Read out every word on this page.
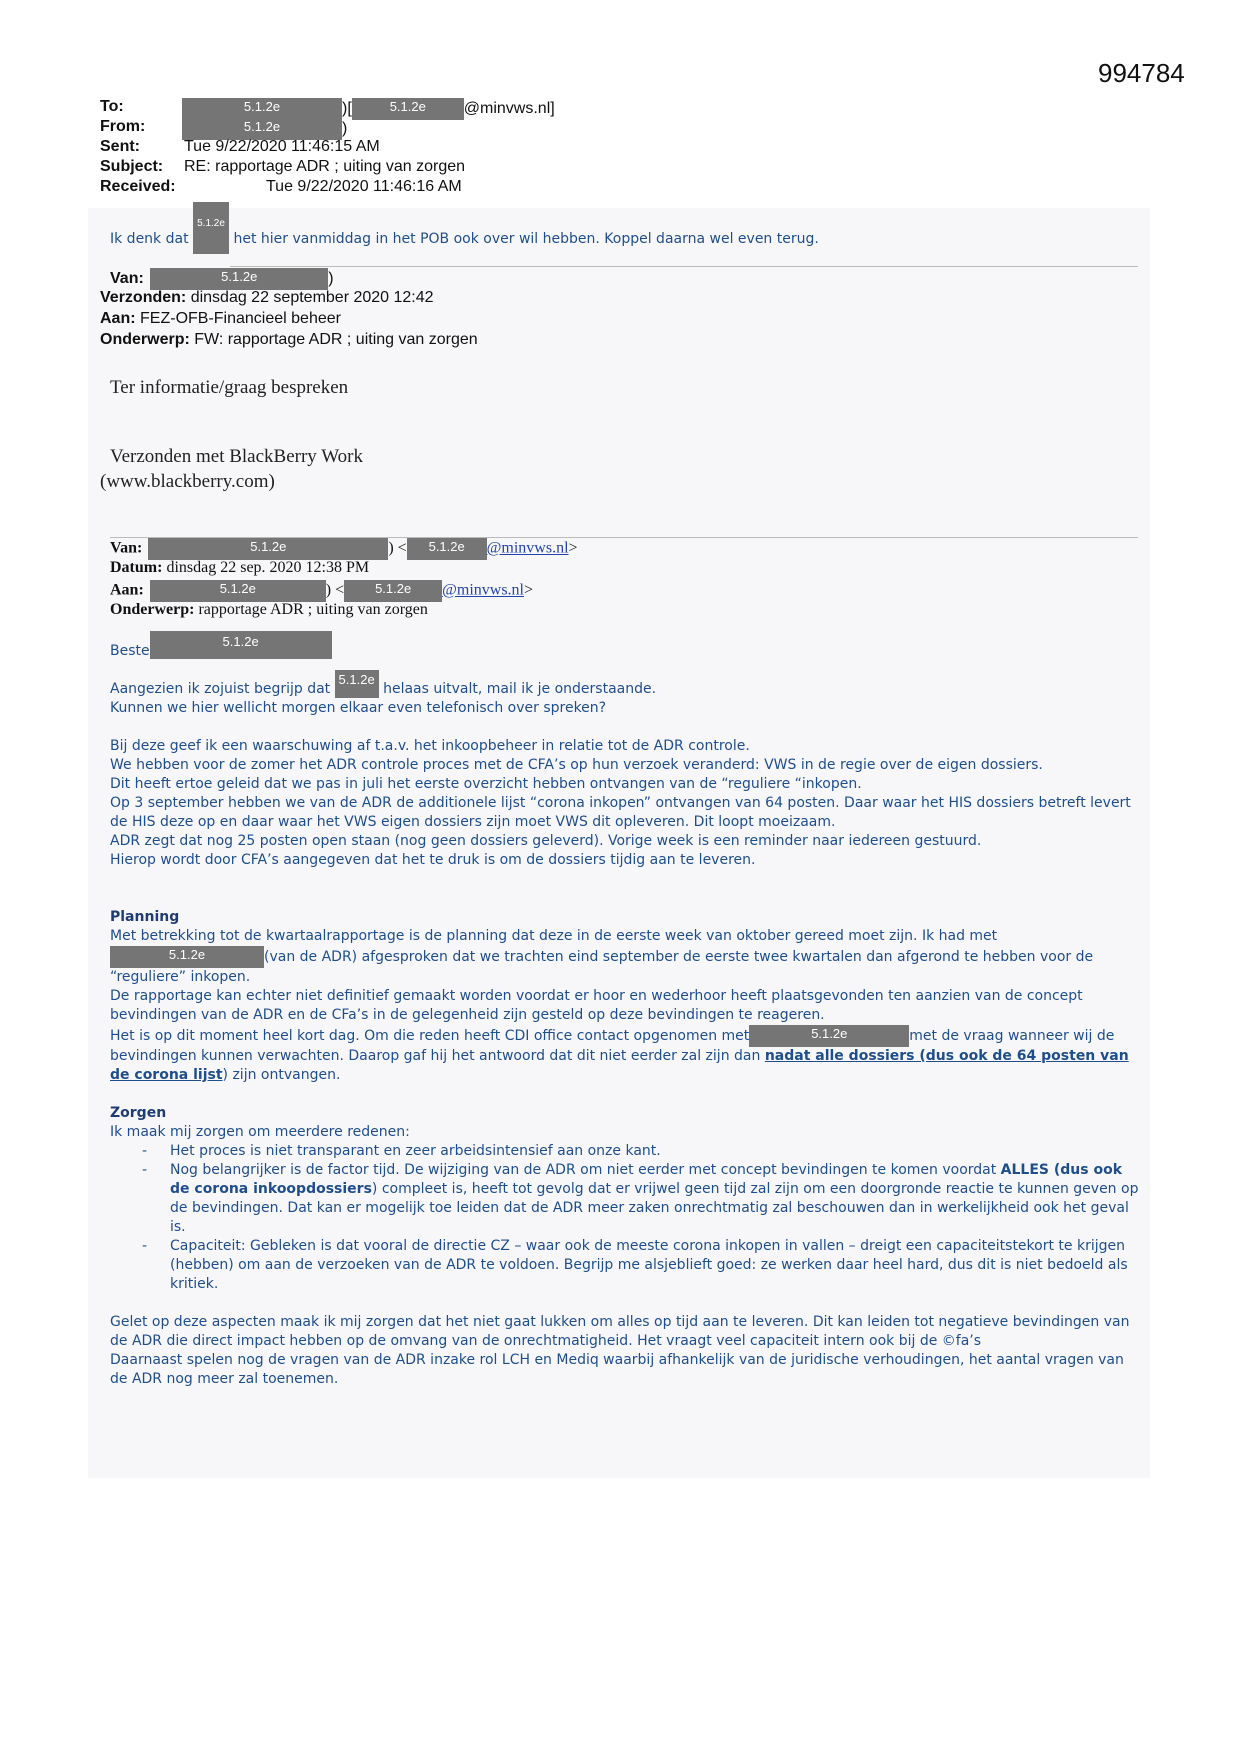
994784
To:	5.1.2e	)[	5.1.2e @minvws.nl]
From:	5.1.2e	)
Sent:	Tue 9/22/2020 11:46:15 AM
Subject: RE: rapportage ADR ; uiting van zorgen
Received:	Tue 9/22/2020 11:46:16 AM
Ik denk dat 5.1.2e het hier vanmiddag in het POB ook over wil hebben. Koppel daarna wel even terug.
Van:	5.1.2e	)
Verzonden: dinsdag 22 september 2020 12:42
Aan: FEZ-OFB-Financieel beheer
Onderwerp: FW: rapportage ADR ; uiting van zorgen
Ter informatie/graag bespreken
Verzonden met BlackBerry Work
(www.blackberry.com)
Van:	5.1.2e	) < 5.1.2e @minvws.nl>
Datum: dinsdag 22 sep. 2020 12:38 PM
Aan:	5.1.2e	) < 5.1.2e @minvws.nl>
Onderwerp: rapportage ADR ; uiting van zorgen

Beste5.1.2e

Aangezien ik zojuist begrijp dat 5.1.2e helaas uitvalt, mail ik je onderstaande.

Kunnen we hier wellicht morgen elkaar even telefonisch over spreken?

Bij deze geef ik een waarschuwing af t.a.v. het inkoopbeheer in relatie tot de ADR controle.

We hebben voor de zomer het ADR controle proces met de CFA’s op hun verzoek veranderd: VWS in de regie over de eigen dossiers.

Dit heeft ertoe geleid dat we pas in juli het eerste overzicht hebben ontvangen van de “reguliere “inkopen.

Op 3 september hebben we van de ADR de additionele lijst “corona inkopen” ontvangen van 64 posten. Daar waar het HIS dossiers betreft levert de HIS deze op en daar waar het VWS eigen dossiers zijn moet VWS dit opleveren. Dit loopt moeizaam.

ADR zegt dat nog 25 posten open staan (nog geen dossiers geleverd). Vorige week is een reminder naar iedereen gestuurd.

Hierop wordt door CFA’s aangegeven dat het te druk is om de dossiers tijdig aan te leveren.

Planning

Met betrekking tot de kwartaalrapportage is de planning dat deze in de eerste week van oktober gereed moet zijn. Ik had met

5.1.2e	(van de ADR) afgesproken dat we trachten eind september de eerste twee kwartalen dan afgerond te hebben voor de “reguliere” inkopen.

De rapportage kan echter niet definitief gemaakt worden voordat er hoor en wederhoor heeft plaatsgevonden ten aanzien van de concept bevindingen van de ADR en de CFa’s in de gelegenheid zijn gesteld op deze bevindingen te reageren.

Het is op dit moment heel kort dag. Om die reden heeft CDI office contact opgenomen met	5.1.2e	met de vraag wanneer wij de bevindingen kunnen verwachten. Daarop gaf hij het antwoord dat dit niet eerder zal zijn dan nadat alle dossiers (dus ook de 64 posten van de corona lijst) zijn ontvangen.

Zorgen

Ik maak mij zorgen om meerdere redenen:

- Het proces is niet transparant en zeer arbeidsintensief aan onze kant.
- Nog belangrijker is de factor tijd. De wijziging van de ADR om niet eerder met concept bevindingen te komen voordat ALLES (dus ook de corona inkoopdossiers) compleet is, heeft tot gevolg dat er vrijwel geen tijd zal zijn om een doorgronde reactie te kunnen geven op de bevindingen. Dat kan er mogelijk toe leiden dat de ADR meer zaken onrechtmatig zal beschouwen dan in werkelijkheid ook het geval is.
- Capaciteit: Gebleken is dat vooral de directie CZ – waar ook de meeste corona inkopen in vallen – dreigt een capaciteitstekort te krijgen (hebben) om aan de verzoeken van de ADR te voldoen. Begrijp me alsjeblieft goed: ze werken daar heel hard, dus dit is niet bedoeld als kritiek.

Gelet op deze aspecten maak ik mij zorgen dat het niet gaat lukken om alles op tijd aan te leveren. Dit kan leiden tot negatieve bevindingen van de ADR die direct impact hebben op de omvang van de onrechtmatigheid. Het vraagt veel capaciteit intern ook bij de ©fa’s

Daarnaast spelen nog de vragen van de ADR inzake rol LCH en Mediq waarbij afhankelijk van de juridische verhoudingen, het aantal vragen van de ADR nog meer zal toenemen.
